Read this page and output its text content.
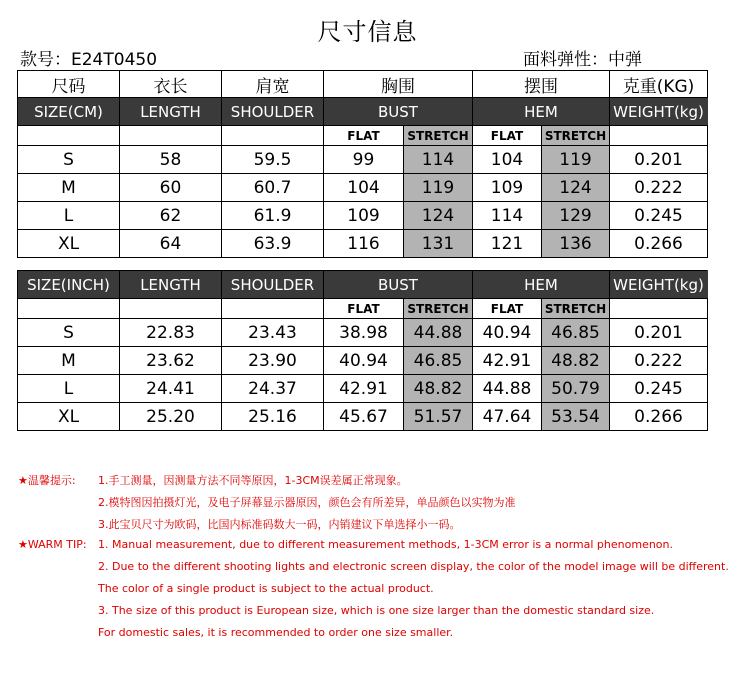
尺寸信息
款号：E24T0450	面料弹性：中弹
尺码	衣长	肩宽	胸围		摆围		克重(KG)
SIZE(CM)	LENGTH	SHOULDER	BUST		HEM		WEIGHT(kg)
			FLAT	STRETCH	FLAT	STRETCH	
S	58	59.5	99	114	104	119	0.201
M	60	60.7	104	119	109	124	0.222
L	62	61.9	109	124	114	129	0.245
XL	64	63.9	116	131	121	136	0.266
SIZE(INCH)	LENGTH	SHOULDER	BUST		HEM		WEIGHT(kg)
			FLAT	STRETCH	FLAT	STRETCH	
S	22.83	23.43	38.98	44.88	40.94	46.85	0.201
M	23.62	23.90	40.94	46.85	42.91	48.82	0.222
L	24.41	24.37	42.91	48.82	44.88	50.79	0.245
XL	25.20	25.16	45.67	51.57	47.64	53.54	0.266
★温馨提示: 1.手工测量，因测量方法不同等原因，1-3CM误差属正常现象。
2.模特图因拍摄灯光，及电子屏幕显示器原因，颜色会有所差异，单品颜色以实物为准
3.此宝贝尺寸为欧码，比国内标准码数大一码，内销建议下单选择小一码。
★WARM TIP: 1. Manual measurement, due to different measurement methods, 1-3CM error is a normal phenomenon.
2. Due to the different shooting lights and electronic screen display, the color of the model image will be different.
The color of a single product is subject to the actual product.
3. The size of this product is European size, which is one size larger than the domestic standard size.
For domestic sales, it is recommended to order one size smaller.
